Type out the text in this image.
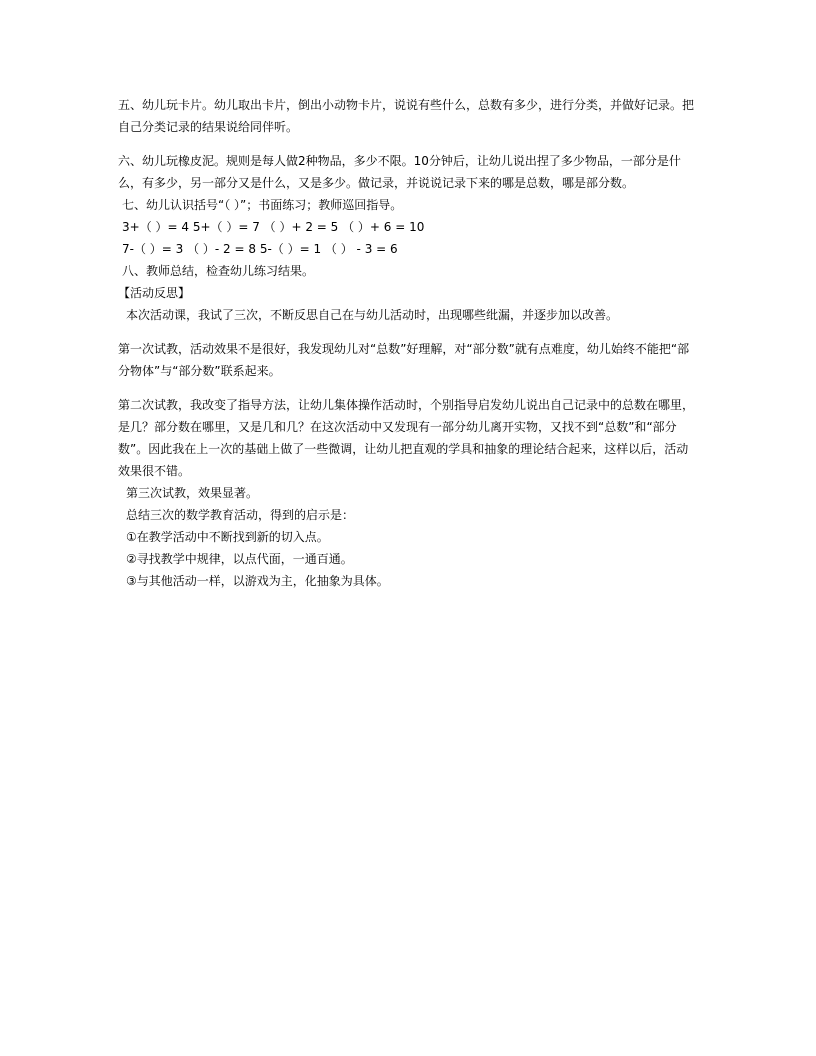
五、幼儿玩卡片。幼儿取出卡片，倒出小动物卡片，说说有些什么，总数有多少，进行分类，并做好记录。把自己分类记录的结果说给同伴听。
六、幼儿玩橡皮泥。规则是每人做2种物品，多少不限。10分钟后，让幼儿说出捏了多少物品，一部分是什么，有多少，另一部分又是什么，又是多少。做记录，并说说记录下来的哪是总数，哪是部分数。
七、幼儿认识括号“（ ）”；书面练习；教师巡回指导。
3+（ ）= 4 5+（ ）= 7 （ ）+ 2 = 5 （ ）+ 6 = 10
7-（ ）= 3 （ ）- 2 = 8 5-（ ）= 1 （ ） - 3 = 6
八、教师总结，检查幼儿练习结果。
【活动反思】
本次活动课，我试了三次，不断反思自己在与幼儿活动时，出现哪些纰漏，并逐步加以改善。
第一次试教，活动效果不是很好，我发现幼儿对“总数”好理解，对“部分数”就有点难度，幼儿始终不能把“部分物体”与“部分数”联系起来。
第二次试教，我改变了指导方法，让幼儿集体操作活动时，个别指导启发幼儿说出自己记录中的总数在哪里，是几？部分数在哪里，又是几和几？在这次活动中又发现有一部分幼儿离开实物，又找不到“总数”和“部分数”。因此我在上一次的基础上做了一些微调，让幼儿把直观的学具和抽象的理论结合起来，这样以后，活动效果很不错。
第三次试教，效果显著。
总结三次的数学教育活动，得到的启示是：
①在教学活动中不断找到新的切入点。
②寻找教学中规律，以点代面，一通百通。
③与其他活动一样，以游戏为主，化抽象为具体。
